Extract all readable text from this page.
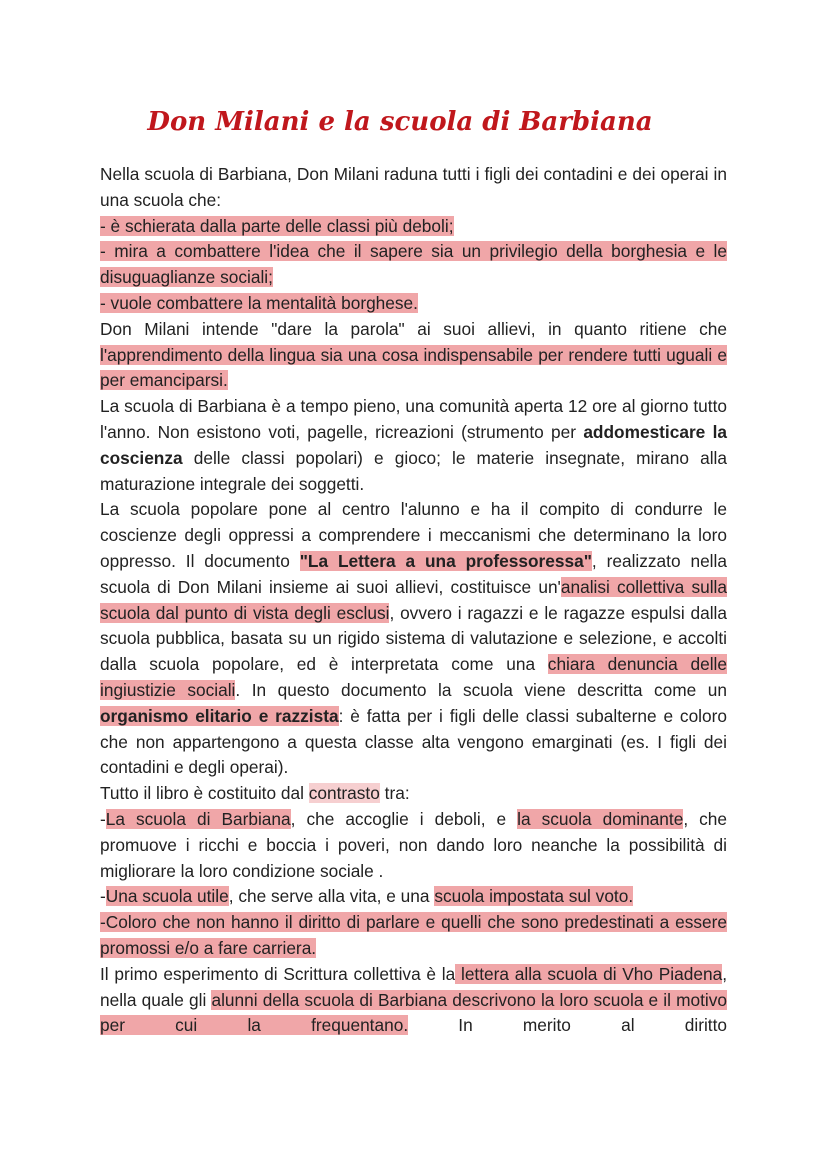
Don Milani e la scuola di Barbiana
Nella scuola di Barbiana, Don Milani raduna tutti i figli dei contadini e dei operai in una scuola che:
- è schierata dalla parte delle classi più deboli;
- mira a combattere l'idea che il sapere sia un privilegio della borghesia e le disuguaglianze sociali;
- vuole combattere la mentalità borghese.

Don Milani intende "dare la parola" ai suoi allievi, in quanto ritiene che l'apprendimento della lingua sia una cosa indispensabile per rendere tutti uguali e per emanciparsi.

La scuola di Barbiana è a tempo pieno, una comunità aperta 12 ore al giorno tutto l'anno. Non esistono voti, pagelle, ricreazioni (strumento per addomesticare la coscienza delle classi popolari) e gioco; le materie insegnate, mirano alla maturazione integrale dei soggetti.

La scuola popolare pone al centro l'alunno e ha il compito di condurre le coscienze degli oppressi a comprendere i meccanismi che determinano la loro oppresso. Il documento "La Lettera a una professoressa", realizzato nella scuola di Don Milani insieme ai suoi allievi, costituisce un'analisi collettiva sulla scuola dal punto di vista degli esclusi, ovvero i ragazzi e le ragazze espulsi dalla scuola pubblica, basata su un rigido sistema di valutazione e selezione, e accolti dalla scuola popolare, ed è interpretata come una chiara denuncia delle ingiustizie sociali. In questo documento la scuola viene descritta come un organismo elitario e razzista: è fatta per i figli delle classi subalterne e coloro che non appartengono a questa classe alta vengono emarginati (es. I figli dei contadini e degli operai).

Tutto il libro è costituito dal contrasto tra:
-La scuola di Barbiana, che accoglie i deboli, e la scuola dominante, che promuove i ricchi e boccia i poveri, non dando loro neanche la possibilità di migliorare la loro condizione sociale .
-Una scuola utile, che serve alla vita, e una scuola impostata sul voto.
-Coloro che non hanno il diritto di parlare e quelli che sono predestinati a essere promossi e/o a fare carriera.

Il primo esperimento di Scrittura collettiva è la lettera alla scuola di Vho Piadena, nella quale gli alunni della scuola di Barbiana descrivono la loro scuola e il motivo per cui la frequentano. In merito al diritto
